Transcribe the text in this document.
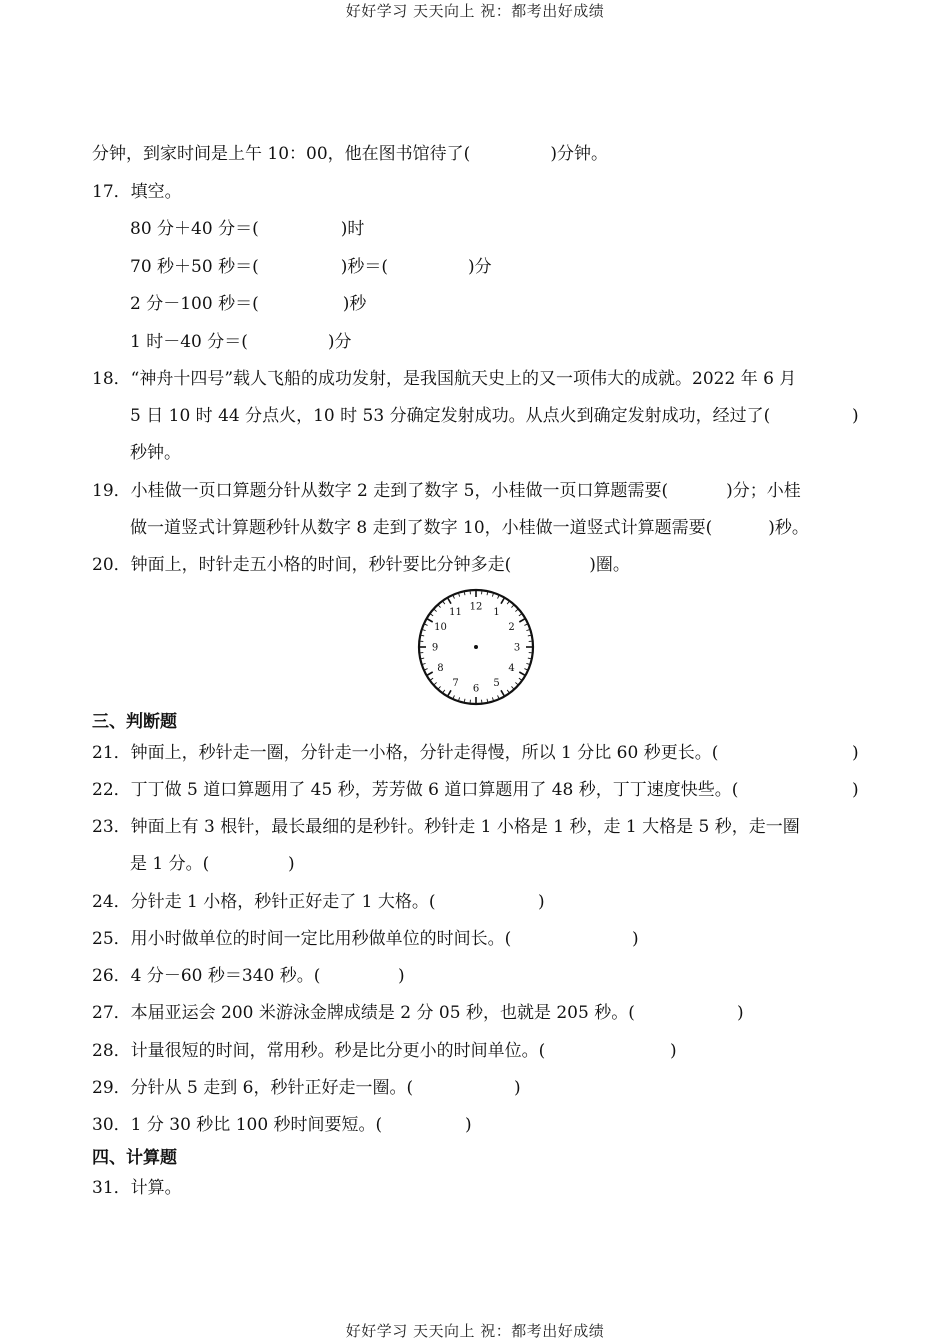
好好学习 天天向上 祝：都考出好成绩
分钟，到家时间是上午 10：00，他在图书馆待了(	)分钟。
17．填空。
80 分＋40 分＝(	)时
70 秒＋50 秒＝(	)秒＝(	)分
2 分－100 秒＝(	)秒
1 时－40 分＝(	)分
18．“神舟十四号”载人飞船的成功发射，是我国航天史上的又一项伟大的成就。2022 年 6 月
5 日 10 时 44 分点火，10 时 53 分确定发射成功。从点火到确定发射成功，经过了(	)
秒钟。
19．小桂做一页口算题分针从数字 2 走到了数字 5，小桂做一页口算题需要(	)分；小桂
做一道竖式计算题秒针从数字 8 走到了数字 10，小桂做一道竖式计算题需要(	)秒。
20．钟面上，时针走五小格的时间，秒针要比分钟多走(	)圈。
12 1
2
3
4
5
6
7
8
9
10
11
三、判断题
21．钟面上，秒针走一圈，分针走一小格，分针走得慢，所以 1 分比 60 秒更长。(	)
22．丁丁做 5 道口算题用了 45 秒，芳芳做 6 道口算题用了 48 秒，丁丁速度快些。(	)
23．钟面上有 3 根针，最长最细的是秒针。秒针走 1 小格是 1 秒，走 1 大格是 5 秒，走一圈
是 1 分。(	)
24．分针走 1 小格，秒针正好走了 1 大格。(	)
25．用小时做单位的时间一定比用秒做单位的时间长。(	)
26．4 分－60 秒＝340 秒。(	)
27．本届亚运会 200 米游泳金牌成绩是 2 分 05 秒，也就是 205 秒。(	)
28．计量很短的时间，常用秒。秒是比分更小的时间单位。(	)
29．分针从 5 走到 6，秒针正好走一圈。(	)
30．1 分 30 秒比 100 秒时间要短。(	)
四、计算题
31．计算。
好好学习 天天向上 祝：都考出好成绩
